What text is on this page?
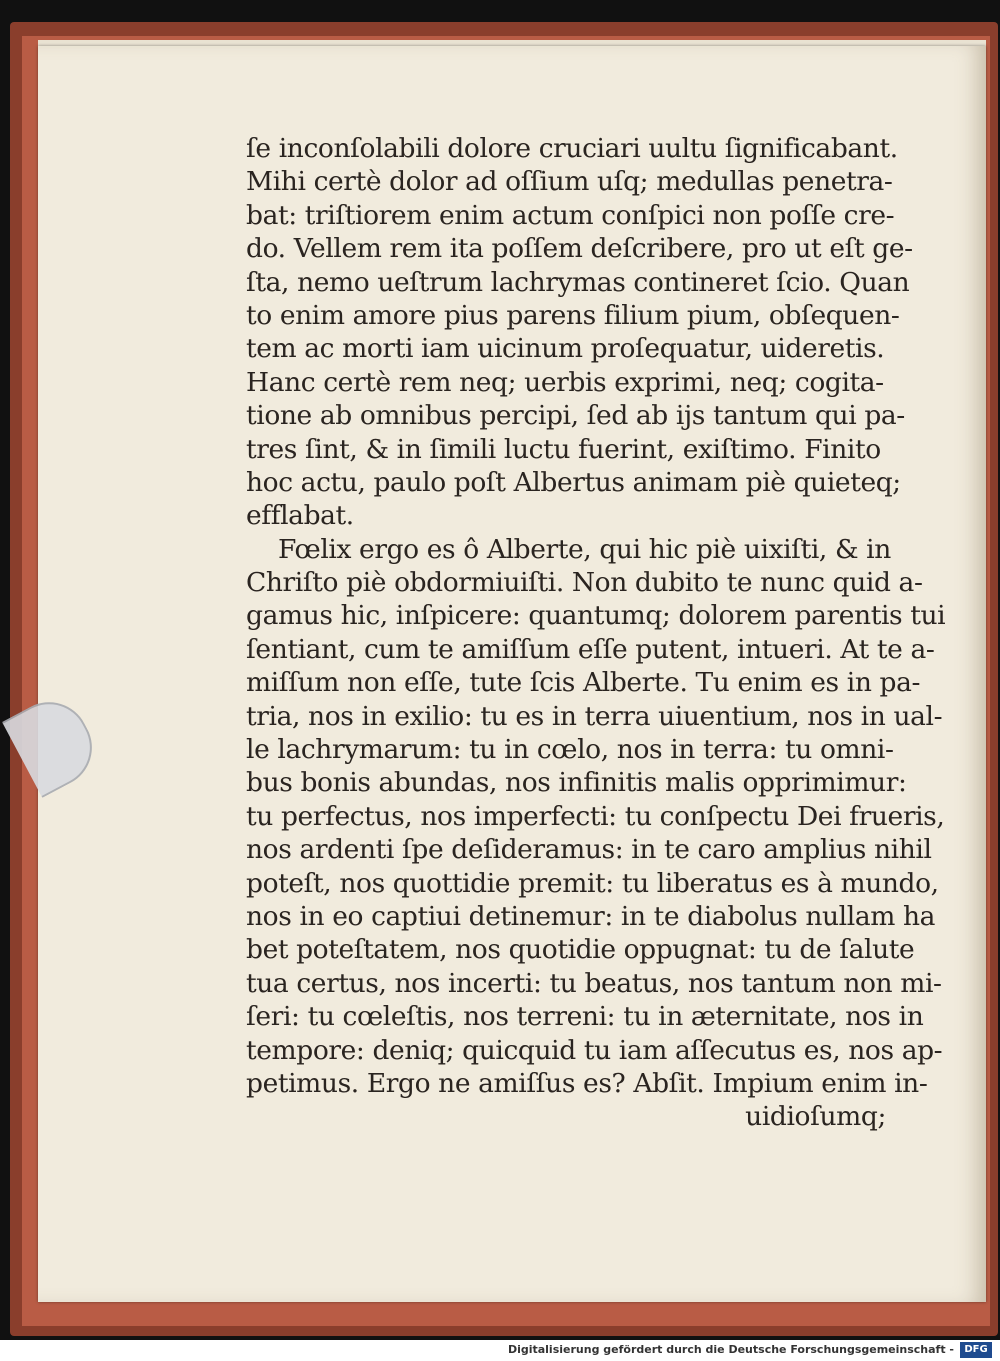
ſe inconſolabili dolore cruciari uultu ſignificabant.
Mihi certè dolor ad oſſium uſq; medullas penetra-
bat: triſtiorem enim actum conſpici non poſſe cre-
do. Vellem rem ita poſſem deſcribere, pro ut eſt ge-
ſta, nemo ueſtrum lachrymas contineret ſcio. Quan
to enim amore pius parens filium pium, obſequen-
tem ac morti iam uicinum proſequatur, uideretis.
Hanc certè rem neq; uerbis exprimi, neq; cogita-
tione ab omnibus percipi, ſed ab ijs tantum qui pa-
tres ſint, & in ſimili luctu fuerint, exiſtimo. Finito
hoc actu, paulo poſt Albertus animam piè quieteq;
efflabat.
Fœlix ergo es ô Alberte, qui hic piè uixiſti, & in
Chriſto piè obdormiuiſti. Non dubito te nunc quid a-
gamus hic, inſpicere: quantumq; dolorem parentis tui
ſentiant, cum te amiſſum eſſe putent, intueri. At te a-
miſſum non eſſe, tute ſcis Alberte. Tu enim es in pa-
tria, nos in exilio: tu es in terra uiuentium, nos in ual-
le lachrymarum: tu in cœlo, nos in terra: tu omni-
bus bonis abundas, nos infinitis malis opprimimur:
tu perfectus, nos imperfecti: tu conſpectu Dei frueris,
nos ardenti ſpe deſideramus: in te caro amplius nihil
poteſt, nos quottidie premit: tu liberatus es à mundo,
nos in eo captiui detinemur: in te diabolus nullam ha
bet poteſtatem, nos quotidie oppugnat: tu de ſalute
tua certus, nos incerti: tu beatus, nos tantum non mi-
ſeri: tu cœleſtis, nos terreni: tu in æternitate, nos in
tempore: deniq; quicquid tu iam aſſecutus es, nos ap-
petimus. Ergo ne amiſſus es? Abſit. Impium enim in-
uidioſumq;
Digitalisierung gefördert durch die Deutsche Forschungsgemeinschaft -	DFG
